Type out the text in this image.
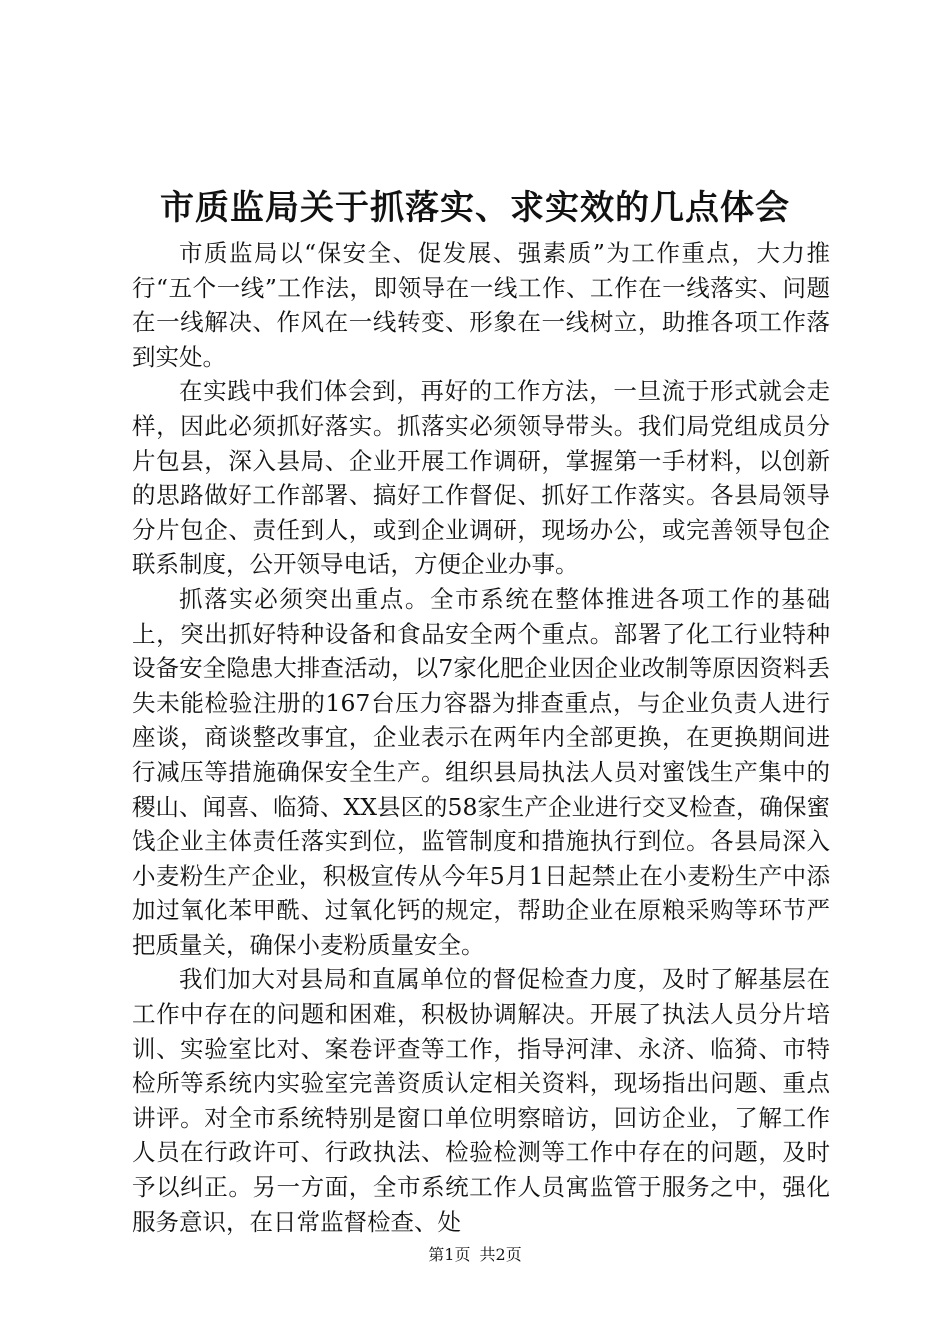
市质监局关于抓落实、求实效的几点体会

市质监局以“保安全、促发展、强素质”为工作重点，大力推行“五个一线”工作法，即领导在一线工作、工作在一线落实、问题在一线解决、作风在一线转变、形象在一线树立，助推各项工作落到实处。

在实践中我们体会到，再好的工作方法，一旦流于形式就会走样，因此必须抓好落实。抓落实必须领导带头。我们局党组成员分片包县，深入县局、企业开展工作调研，掌握第一手材料，以创新的思路做好工作部署、搞好工作督促、抓好工作落实。各县局领导分片包企、责任到人，或到企业调研，现场办公，或完善领导包企联系制度，公开领导电话，方便企业办事。

抓落实必须突出重点。全市系统在整体推进各项工作的基础上，突出抓好特种设备和食品安全两个重点。部署了化工行业特种设备安全隐患大排查活动，以7家化肥企业因企业改制等原因资料丢失未能检验注册的167台压力容器为排查重点，与企业负责人进行座谈，商谈整改事宜，企业表示在两年内全部更换，在更换期间进行减压等措施确保安全生产。组织县局执法人员对蜜饯生产集中的稷山、闻喜、临猗、XX县区的58家生产企业进行交叉检查，确保蜜饯企业主体责任落实到位，监管制度和措施执行到位。各县局深入小麦粉生产企业，积极宣传从今年5月1日起禁止在小麦粉生产中添加过氧化苯甲酰、过氧化钙的规定，帮助企业在原粮采购等环节严把质量关，确保小麦粉质量安全。

我们加大对县局和直属单位的督促检查力度，及时了解基层在工作中存在的问题和困难，积极协调解决。开展了执法人员分片培训、实验室比对、案卷评查等工作，指导河津、永济、临猗、市特检所等系统内实验室完善资质认定相关资料，现场指出问题、重点讲评。对全市系统特别是窗口单位明察暗访，回访企业，了解工作人员在行政许可、行政执法、检验检测等工作中存在的问题，及时予以纠正。另一方面，全市系统工作人员寓监管于服务之中，强化服务意识，在日常监督检查、处

第1页 共2页
